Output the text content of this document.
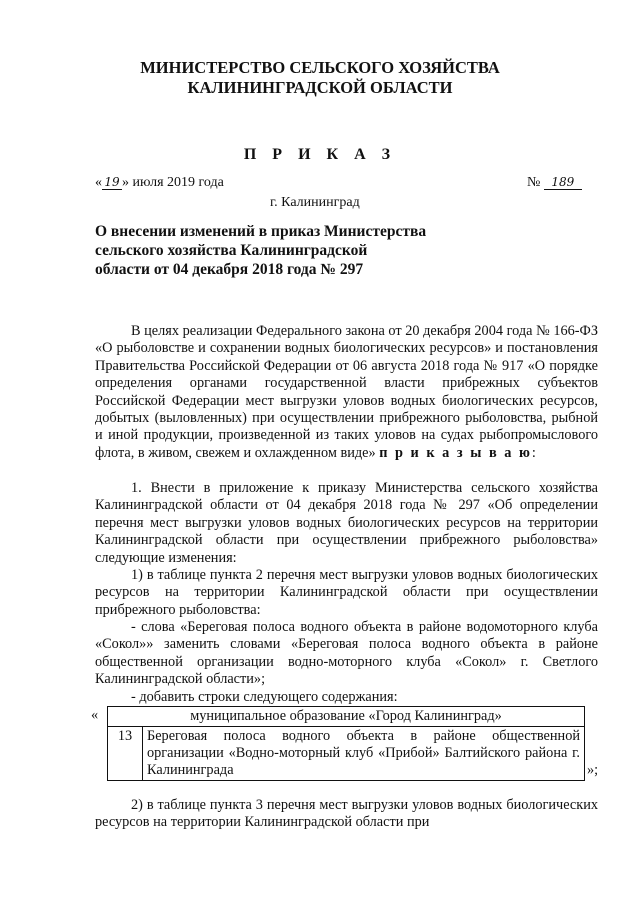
МИНИСТЕРСТВО СЕЛЬСКОГО ХОЗЯЙСТВА
КАЛИНИНГРАДСКОЙ ОБЛАСТИ
П Р И К А З
« 19 » июля 2019 года	№ 189
г. Калининград
О внесении изменений в приказ Министерства
сельского хозяйства Калининградской
области от 04 декабря 2018 года № 297
В целях реализации Федерального закона от 20 декабря 2004 года № 166-ФЗ «О рыболовстве и сохранении водных биологических ресурсов» и постановления Правительства Российской Федерации от 06 августа 2018 года № 917 «О порядке определения органами государственной власти прибрежных субъектов Российской Федерации мест выгрузки уловов водных биологических ресурсов, добытых (выловленных) при осуществлении прибрежного рыболовства, рыбной и иной продукции, произведенной из таких уловов на судах рыбопромыслового флота, в живом, свежем и охлажденном виде» п р и к а з ы в а ю:
1. Внести в приложение к приказу Министерства сельского хозяйства Калининградской области от 04 декабря 2018 года № 297 «Об определении перечня мест выгрузки уловов водных биологических ресурсов на территории Калининградской области при осуществлении прибрежного рыболовства» следующие изменения:
1) в таблице пункта 2 перечня мест выгрузки уловов водных биологических ресурсов на территории Калининградской области при осуществлении прибрежного рыболовства:
- слова «Береговая полоса водного объекта в районе водомоторного клуба «Сокол»» заменить словами «Береговая полоса водного объекта в районе общественной организации водно-моторного клуба «Сокол» г. Светлого Калининградской области»;
- добавить строки следующего содержания:
«	муниципальное образование «Город Калининград»
13	Береговая полоса водного объекта в районе общественной организации «Водно-моторный клуб «Прибой» Балтийского района г. Калининграда	»;
2) в таблице пункта 3 перечня мест выгрузки уловов водных биологических ресурсов на территории Калининградской области при
